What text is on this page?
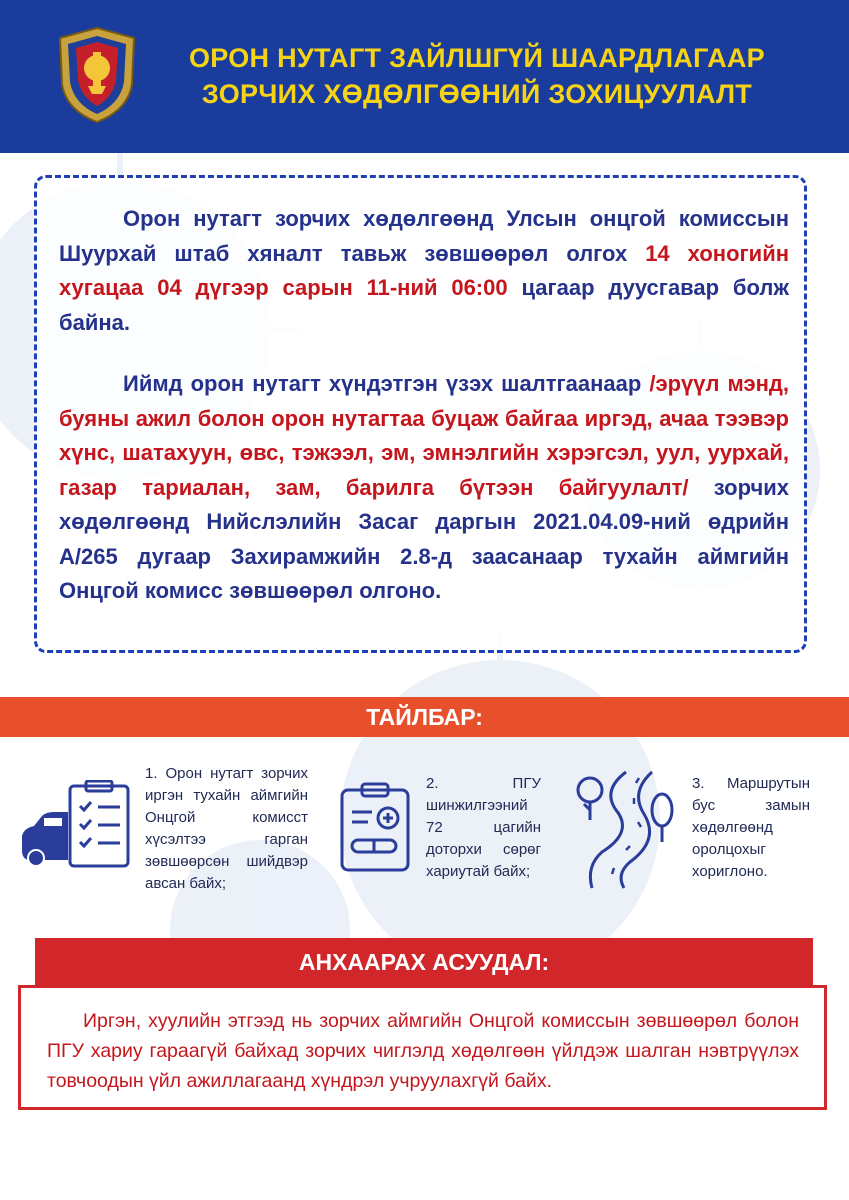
ОРОН НУТАГТ ЗАЙЛШГҮЙ ШААРДЛАГААР
ЗОРЧИХ ХӨДӨЛГӨӨНИЙ ЗОХИЦУУЛАЛТ
Орон нутагт зорчих хөдөлгөөнд Улсын онцгой комиссын Шуурхай штаб хяналт тавьж зөвшөөрөл олгох 14 хоногийн хугацаа 04 дүгээр сарын 11-ний 06:00 цагаар дуусгавар болж байна.
Иймд орон нутагт хүндэтгэн үзэх шалтгаанаар /эрүүл мэнд, буяны ажил болон орон нутагтаа буцаж байгаа иргэд, ачаа тээвэр хүнс, шатахуун, өвс, тэжээл, эм, эмнэлгийн хэрэгсэл, уул, уурхай, газар тариалан, зам, барилга бүтээн байгуулалт/ зорчих хөдөлгөөнд Нийслэлийн Засаг даргын 2021.04.09-ний өдрийн А/265 дугаар Захирамжийн 2.8-д заасанаар тухайн аймгийн Онцгой комисс зөвшөөрөл олгоно.
ТАЙЛБАР:
1. Орон нутагт зорчих иргэн тухайн аймгийн Онцгой комисст хүсэлтээ гарган зөвшөөрсөн шийдвэр авсан байх;
2. ПГУ шинжилгээний 72 цагийн доторхи сөрөг хариутай байх;
3. Маршрутын бус замын хөдөлгөөнд оролцохыг хориглоно.
АНХААРАХ АСУУДАЛ:
Иргэн, хуулийн этгээд нь зорчих аймгийн Онцгой комиссын зөвшөөрөл болон ПГУ хариу гараагүй байхад зорчих чиглэлд хөдөлгөөн үйлдэж шалган нэвтрүүлэх товчоодын үйл ажиллагаанд хүндрэл учруулахгүй байх.
